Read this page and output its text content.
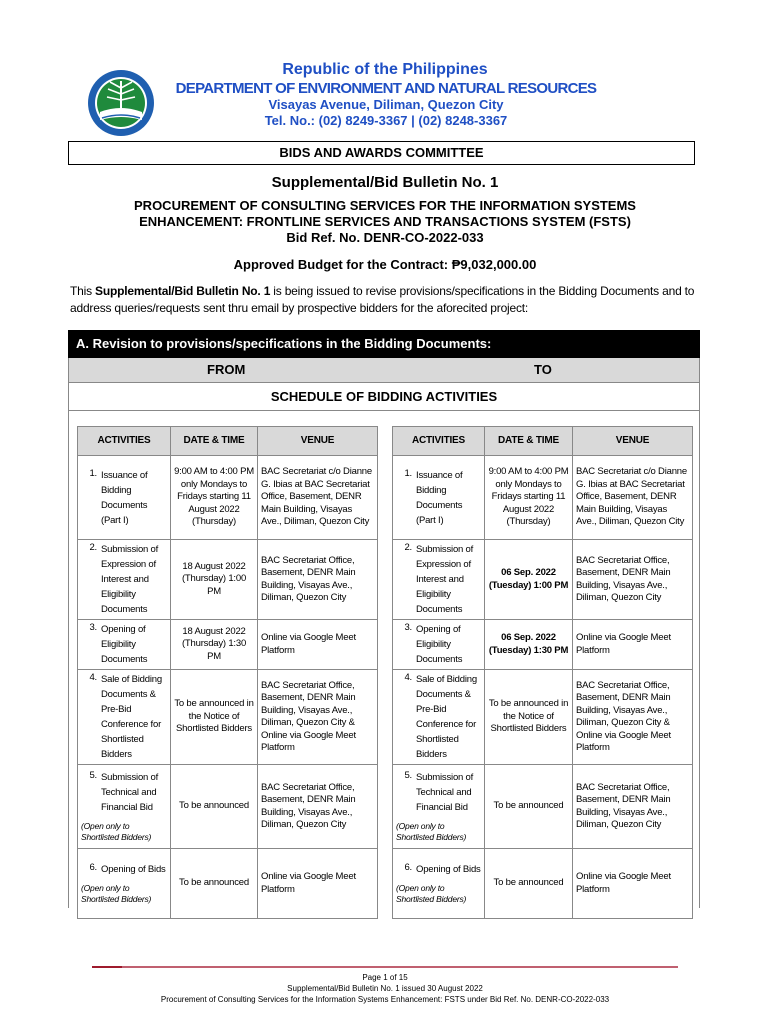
Republic of the Philippines
DEPARTMENT OF ENVIRONMENT AND NATURAL RESOURCES
Visayas Avenue, Diliman, Quezon City
Tel. No.: (02) 8249-3367 | (02) 8248-3367
BIDS AND AWARDS COMMITTEE
Supplemental/Bid Bulletin No. 1
PROCUREMENT OF CONSULTING SERVICES FOR THE INFORMATION SYSTEMS
ENHANCEMENT: FRONTLINE SERVICES AND TRANSACTIONS SYSTEM (FSTS)
Bid Ref. No. DENR-CO-2022-033
Approved Budget for the Contract: ₱9,032,000.00
This Supplemental/Bid Bulletin No. 1 is being issued to revise provisions/specifications in the Bidding Documents and to address queries/requests sent thru email by prospective bidders for the aforecited project:
A. Revision to provisions/specifications in the Bidding Documents:
FROM	TO
SCHEDULE OF BIDDING ACTIVITIES
ACTIVITIES	DATE & TIME	VENUE

1. Issuance of Bidding Documents (Part I)	9:00 AM to 4:00 PM only Mondays to Fridays starting 11 August 2022 (Thursday)	BAC Secretariat c/o Dianne G. Ibias at BAC Secretariat Office, Basement, DENR Main Building, Visayas Ave., Diliman, Quezon City

2. Submission of Expression of Interest and Eligibility Documents	18 August 2022 (Thursday) 1:00 PM	BAC Secretariat Office, Basement, DENR Main Building, Visayas Ave., Diliman, Quezon City

3. Opening of Eligibility Documents	18 August 2022 (Thursday) 1:30 PM	Online via Google Meet Platform

4. Sale of Bidding Documents & Pre-Bid Conference for Shortlisted Bidders	To be announced in the Notice of Shortlisted Bidders	BAC Secretariat Office, Basement, DENR Main Building, Visayas Ave., Diliman, Quezon City & Online via Google Meet Platform

5. Submission of Technical and Financial Bid
(Open only to Shortlisted Bidders)	To be announced	BAC Secretariat Office, Basement, DENR Main Building, Visayas Ave., Diliman, Quezon City

6. Opening of Bids
(Open only to Shortlisted Bidders)	To be announced	Online via Google Meet Platform
ACTIVITIES	DATE & TIME	VENUE

1. Issuance of Bidding Documents (Part I)	9:00 AM to 4:00 PM only Mondays to Fridays starting 11 August 2022 (Thursday)	BAC Secretariat c/o Dianne G. Ibias at BAC Secretariat Office, Basement, DENR Main Building, Visayas Ave., Diliman, Quezon City

2. Submission of Expression of Interest and Eligibility Documents	06 Sep. 2022 (Tuesday) 1:00 PM	BAC Secretariat Office, Basement, DENR Main Building, Visayas Ave., Diliman, Quezon City

3. Opening of Eligibility Documents	06 Sep. 2022 (Tuesday) 1:30 PM	Online via Google Meet Platform

4. Sale of Bidding Documents & Pre-Bid Conference for Shortlisted Bidders	To be announced in the Notice of Shortlisted Bidders	BAC Secretariat Office, Basement, DENR Main Building, Visayas Ave., Diliman, Quezon City & Online via Google Meet Platform

5. Submission of Technical and Financial Bid
(Open only to Shortlisted Bidders)	To be announced	BAC Secretariat Office, Basement, DENR Main Building, Visayas Ave., Diliman, Quezon City

6. Opening of Bids
(Open only to Shortlisted Bidders)	To be announced	Online via Google Meet Platform
Page 1 of 15
Supplemental/Bid Bulletin No. 1 issued 30 August 2022
Procurement of Consulting Services for the Information Systems Enhancement: FSTS under Bid Ref. No. DENR-CO-2022-033
